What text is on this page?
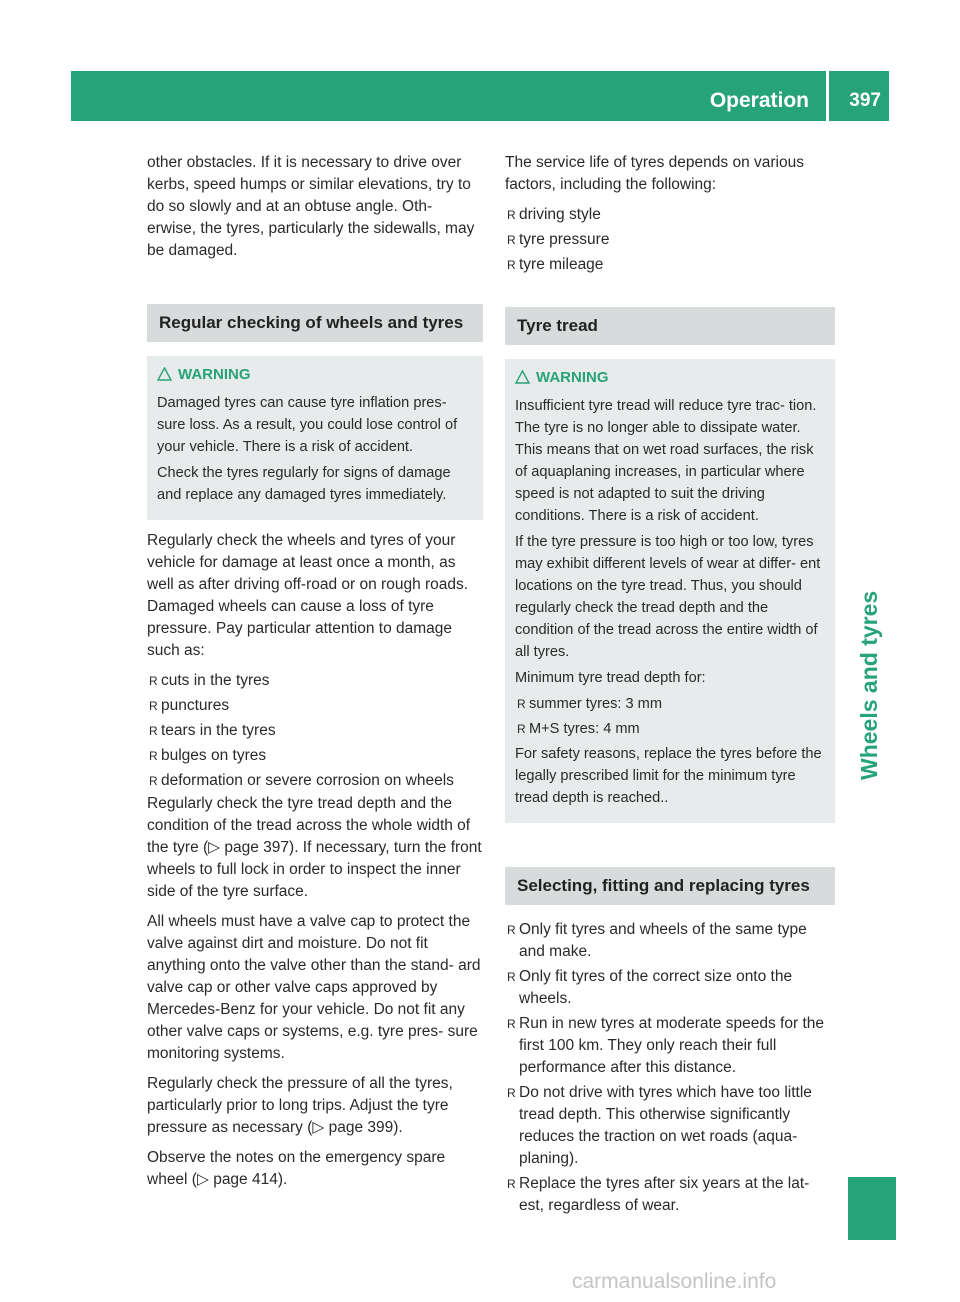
Operation 397
Wheels and tyres

other obstacles. If it is necessary to drive over kerbs, speed humps or similar elevations, try to do so slowly and at an obtuse angle. Oth- erwise, the tyres, particularly the sidewalls, may be damaged.

Regular checking of wheels and tyres
WARNING

Damaged tyres can cause tyre inflation pres- sure loss. As a result, you could lose control of your vehicle. There is a risk of accident.

Check the tyres regularly for signs of damage and replace any damaged tyres immediately.

Regularly check the wheels and tyres of your vehicle for damage at least once a month, as well as after driving off-road or on rough roads. Damaged wheels can cause a loss of tyre pressure. Pay particular attention to damage such as:

R cuts in the tyres
R punctures
R tears in the tyres
R bulges on tyres
R deformation or severe corrosion on wheels

Regularly check the tyre tread depth and the condition of the tread across the whole width of the tyre (▷ page 397). If necessary, turn the front wheels to full lock in order to inspect the inner side of the tyre surface.

All wheels must have a valve cap to protect the valve against dirt and moisture. Do not fit anything onto the valve other than the stand- ard valve cap or other valve caps approved by Mercedes-Benz for your vehicle. Do not fit any other valve caps or systems, e.g. tyre pres- sure monitoring systems.

Regularly check the pressure of all the tyres, particularly prior to long trips. Adjust the tyre pressure as necessary (▷ page 399).

Observe the notes on the emergency spare wheel (▷ page 414).

The service life of tyres depends on various factors, including the following:

R driving style
R tyre pressure
R tyre mileage
Tyre tread
WARNING

Insufficient tyre tread will reduce tyre trac- tion. The tyre is no longer able to dissipate water. This means that on wet road surfaces, the risk of aquaplaning increases, in particular where speed is not adapted to suit the driving conditions. There is a risk of accident.

If the tyre pressure is too high or too low, tyres may exhibit different levels of wear at differ- ent locations on the tyre tread. Thus, you should regularly check the tread depth and the condition of the tread across the entire width of all tyres.

Minimum tyre tread depth for:

R summer tyres: 3 mm
R M+S tyres: 4 mm

For safety reasons, replace the tyres before the legally prescribed limit for the minimum tyre tread depth is reached..

Selecting, fitting and replacing tyres
R Only fit tyres and wheels of the same type and make.
R Only fit tyres of the correct size onto the wheels.
R Run in new tyres at moderate speeds for the first 100 km. They only reach their full performance after this distance.
R Do not drive with tyres which have too little tread depth. This otherwise significantly reduces the traction on wet roads (aqua- planing).
R Replace the tyres after six years at the lat- est, regardless of wear.
carmanualsonline.info
